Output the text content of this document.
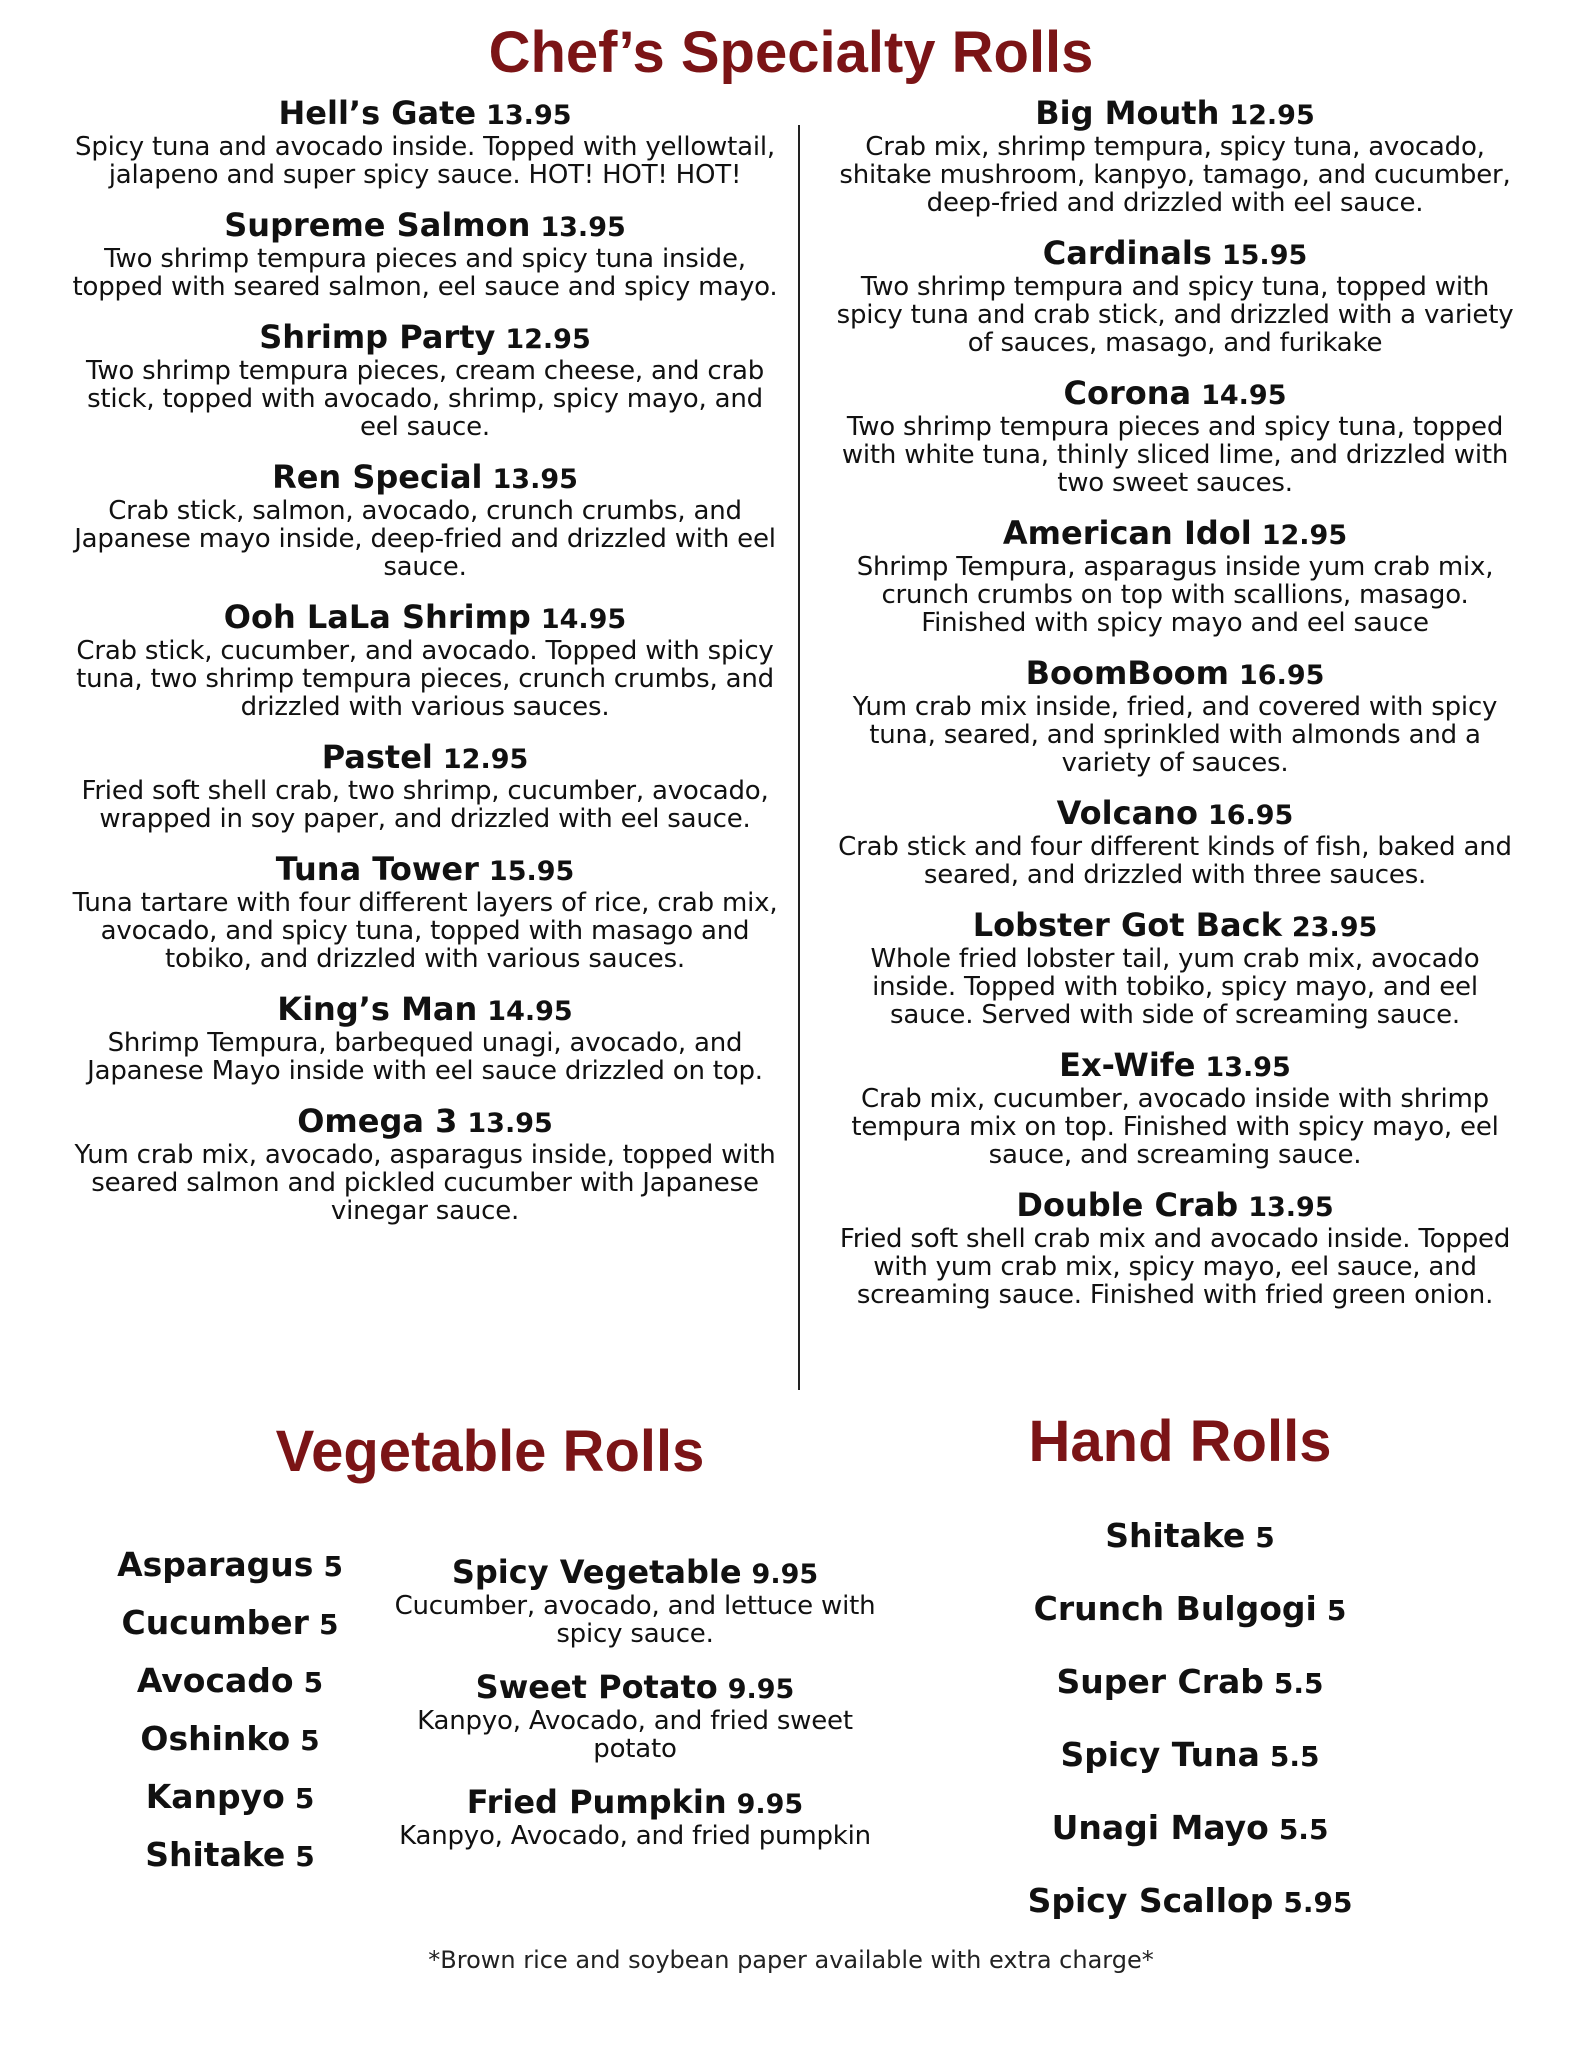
Chef’s Specialty Rolls
Hell’s Gate 13.95
Spicy tuna and avocado inside. Topped with yellowtail, jalapeno and super spicy sauce. HOT! HOT! HOT!
Supreme Salmon 13.95
Two shrimp tempura pieces and spicy tuna inside, topped with seared salmon, eel sauce and spicy mayo.
Shrimp Party 12.95
Two shrimp tempura pieces, cream cheese, and crab stick, topped with avocado, shrimp, spicy mayo, and eel sauce.
Ren Special 13.95
Crab stick, salmon, avocado, crunch crumbs, and Japanese mayo inside, deep-fried and drizzled with eel sauce.
Ooh LaLa Shrimp 14.95
Crab stick, cucumber, and avocado. Topped with spicy tuna, two shrimp tempura pieces, crunch crumbs, and drizzled with various sauces.
Pastel 12.95
Fried soft shell crab, two shrimp, cucumber, avocado, wrapped in soy paper, and drizzled with eel sauce.
Tuna Tower 15.95
Tuna tartare with four different layers of rice, crab mix, avocado, and spicy tuna, topped with masago and tobiko, and drizzled with various sauces.
King’s Man 14.95
Shrimp Tempura, barbequed unagi, avocado, and Japanese Mayo inside with eel sauce drizzled on top.
Omega 3 13.95
Yum crab mix, avocado, asparagus inside, topped with seared salmon and pickled cucumber with Japanese vinegar sauce.
Big Mouth 12.95
Crab mix, shrimp tempura, spicy tuna, avocado, shitake mushroom, kanpyo, tamago, and cucumber, deep-fried and drizzled with eel sauce.
Cardinals 15.95
Two shrimp tempura and spicy tuna, topped with spicy tuna and crab stick, and drizzled with a variety of sauces, masago, and furikake
Corona 14.95
Two shrimp tempura pieces and spicy tuna, topped with white tuna, thinly sliced lime, and drizzled with two sweet sauces.
American Idol 12.95
Shrimp Tempura, asparagus inside yum crab mix, crunch crumbs on top with scallions, masago. Finished with spicy mayo and eel sauce
BoomBoom 16.95
Yum crab mix inside, fried, and covered with spicy tuna, seared, and sprinkled with almonds and a variety of sauces.
Volcano 16.95
Crab stick and four different kinds of fish, baked and seared, and drizzled with three sauces.
Lobster Got Back 23.95
Whole fried lobster tail, yum crab mix, avocado inside. Topped with tobiko, spicy mayo, and eel sauce. Served with side of screaming sauce.
Ex-Wife 13.95
Crab mix, cucumber, avocado inside with shrimp tempura mix on top. Finished with spicy mayo, eel sauce, and screaming sauce.
Double Crab 13.95
Fried soft shell crab mix and avocado inside. Topped with yum crab mix, spicy mayo, eel sauce, and screaming sauce. Finished with fried green onion.
Vegetable Rolls
Asparagus 5
Cucumber 5
Avocado 5
Oshinko 5
Kanpyo 5
Shitake 5
Spicy Vegetable 9.95
Cucumber, avocado, and lettuce with spicy sauce.
Sweet Potato 9.95
Kanpyo, Avocado, and fried sweet potato
Fried Pumpkin 9.95
Kanpyo, Avocado, and fried pumpkin
Hand Rolls
Shitake 5
Crunch Bulgogi 5
Super Crab 5.5
Spicy Tuna 5.5
Unagi Mayo 5.5
Spicy Scallop 5.95
*Brown rice and soybean paper available with extra charge*
